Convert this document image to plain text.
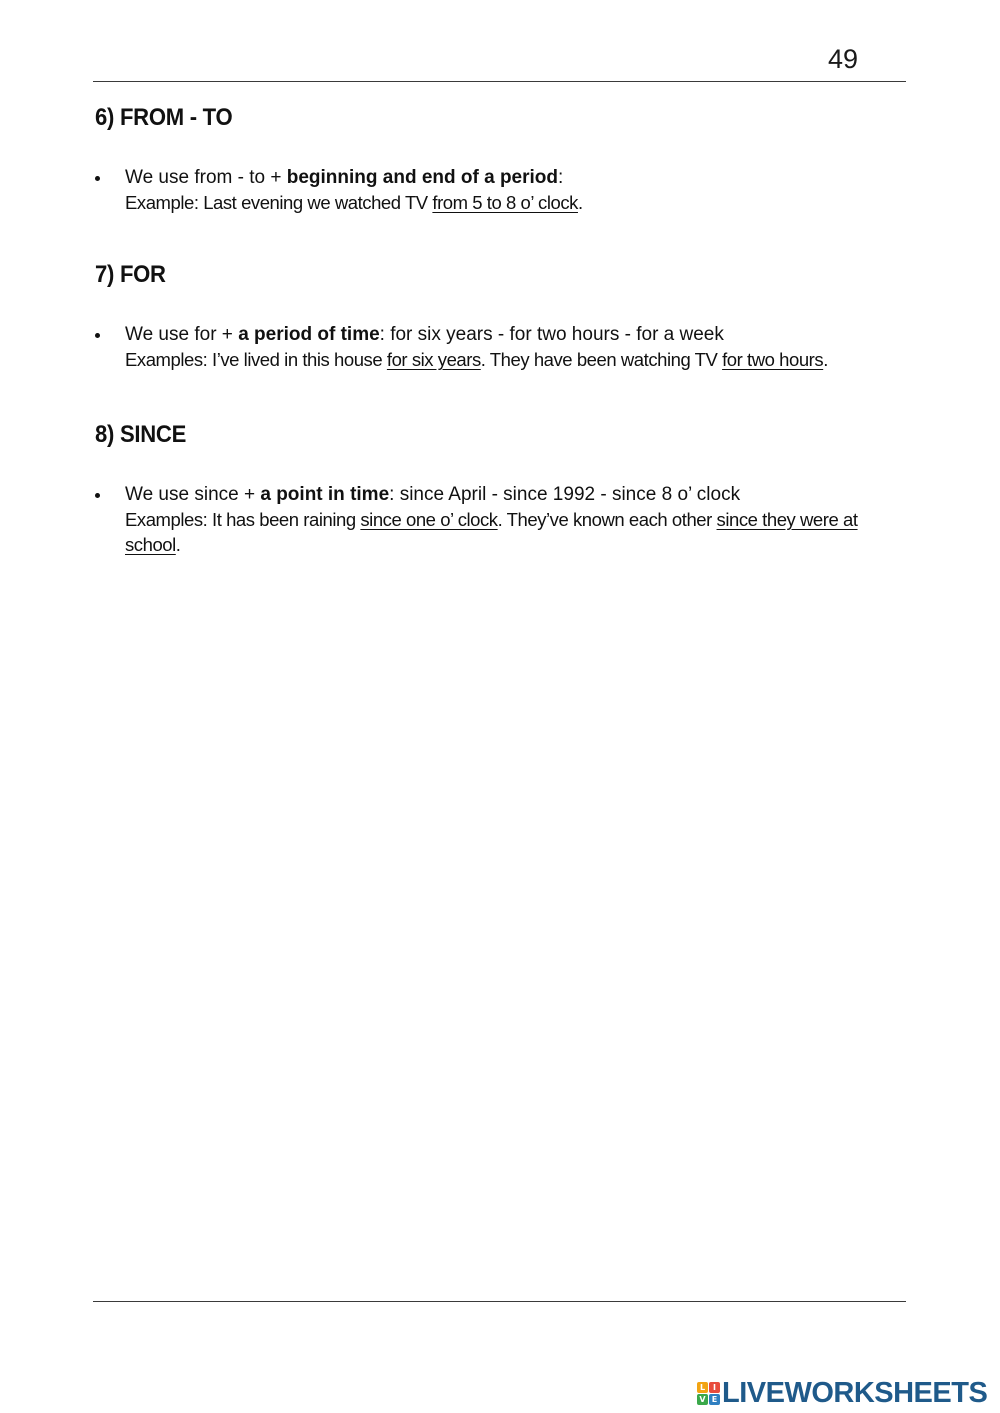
49
6) FROM - TO
We use from - to + beginning and end of a period:
Example: Last evening we watched TV from 5 to 8 o’ clock.
7) FOR
We use for + a period of time: for six years - for two hours - for a week
Examples: I’ve lived in this house for six years. They have been watching TV for two hours.
8) SINCE
We use since + a point in time: since April - since 1992 - since 8 o’ clock
Examples: It has been raining since one o’ clock. They’ve known each other since they were at school.
L I
V E LIVEWORKSHEETS
